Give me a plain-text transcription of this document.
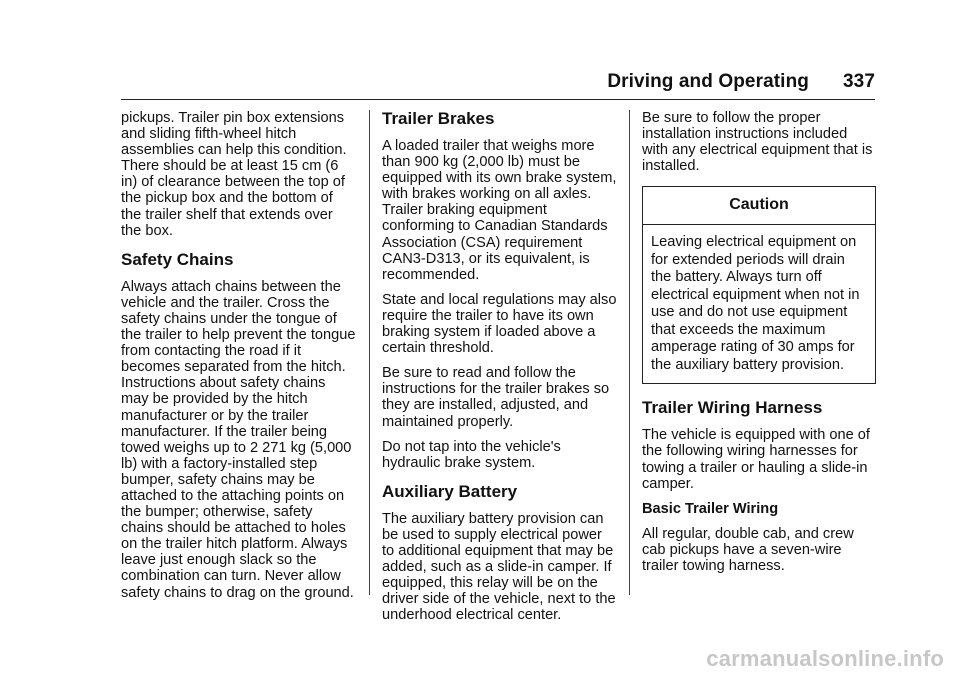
Driving and Operating 337

pickups. Trailer pin box extensions and sliding fifth-wheel hitch assemblies can help this condition. There should be at least 15 cm (6 in) of clearance between the top of the pickup box and the bottom of the trailer shelf that extends over the box.

Safety Chains

Always attach chains between the vehicle and the trailer. Cross the safety chains under the tongue of the trailer to help prevent the tongue from contacting the road if it becomes separated from the hitch. Instructions about safety chains may be provided by the hitch manufacturer or by the trailer manufacturer. If the trailer being towed weighs up to 2 271 kg (5,000 lb) with a factory-installed step bumper, safety chains may be attached to the attaching points on the bumper; otherwise, safety chains should be attached to holes on the trailer hitch platform. Always leave just enough slack so the combination can turn. Never allow safety chains to drag on the ground.

Trailer Brakes

A loaded trailer that weighs more than 900 kg (2,000 lb) must be equipped with its own brake system, with brakes working on all axles. Trailer braking equipment conforming to Canadian Standards Association (CSA) requirement CAN3-D313, or its equivalent, is recommended.

State and local regulations may also require the trailer to have its own braking system if loaded above a certain threshold.

Be sure to read and follow the instructions for the trailer brakes so they are installed, adjusted, and maintained properly.

Do not tap into the vehicle's hydraulic brake system.

Auxiliary Battery

The auxiliary battery provision can be used to supply electrical power to additional equipment that may be added, such as a slide-in camper. If equipped, this relay will be on the driver side of the vehicle, next to the underhood electrical center.

Be sure to follow the proper installation instructions included with any electrical equipment that is installed.

Caution
Leaving electrical equipment on for extended periods will drain the battery. Always turn off electrical equipment when not in use and do not use equipment that exceeds the maximum amperage rating of 30 amps for the auxiliary battery provision.
Trailer Wiring Harness

The vehicle is equipped with one of the following wiring harnesses for towing a trailer or hauling a slide-in camper.

Basic Trailer Wiring

All regular, double cab, and crew cab pickups have a seven-wire trailer towing harness.

carmanualsonline.info
